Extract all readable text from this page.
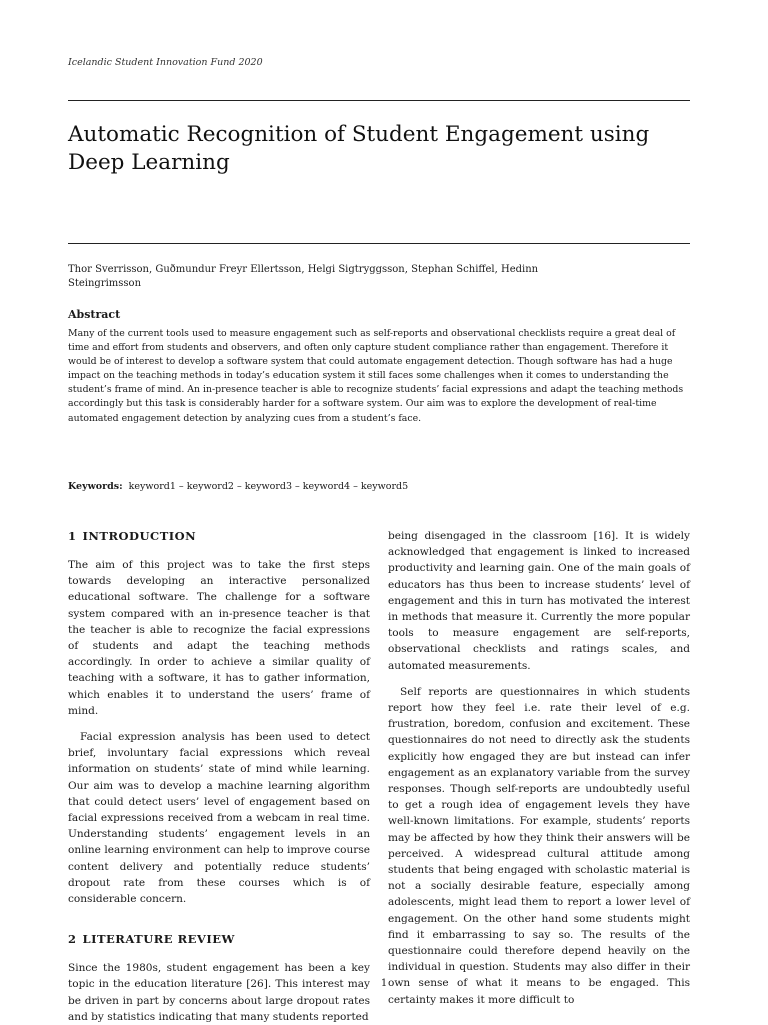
Icelandic Student Innovation Fund 2020
Automatic Recognition of Student Engagement using Deep Learning
Thor Sverrisson, Guðmundur Freyr Ellertsson, Helgi Sigtryggsson, Stephan Schiffel, Hedinn Steingrimsson
Abstract
Many of the current tools used to measure engagement such as self-reports and observational checklists require a great deal of time and effort from students and observers, and often only capture student compliance rather than engagement. Therefore it would be of interest to develop a software system that could automate engagement detection. Though software has had a huge impact on the teaching methods in today’s education system it still faces some challenges when it comes to understanding the student’s frame of mind. An in-presence teacher is able to recognize students’ facial expressions and adapt the teaching methods accordingly but this task is considerably harder for a software system. Our aim was to explore the development of real-time automated engagement detection by analyzing cues from a student’s face.
Keywords: keyword1 – keyword2 – keyword3 – keyword4 – keyword5
1 INTRODUCTION

The aim of this project was to take the first steps towards developing an interactive personalized educational software. The challenge for a software system compared with an in-presence teacher is that the teacher is able to recognize the facial expressions of students and adapt the teaching methods accordingly. In order to achieve a similar quality of teaching with a software, it has to gather information, which enables it to understand the users’ frame of mind.

Facial expression analysis has been used to detect brief, involuntary facial expressions which reveal information on students’ state of mind while learning. Our aim was to develop a machine learning algorithm that could detect users’ level of engagement based on facial expressions received from a webcam in real time. Understanding students’ engagement levels in an online learning environment can help to improve course content delivery and potentially reduce students’ dropout rate from these courses which is of considerable concern.

2 LITERATURE REVIEW

Since the 1980s, student engagement has been a key topic in the education literature [26]. This interest may be driven in part by concerns about large dropout rates and by statistics indicating that many students reported

being disengaged in the classroom [16]. It is widely acknowledged that engagement is linked to increased productivity and learning gain. One of the main goals of educators has thus been to increase students’ level of engagement and this in turn has motivated the interest in methods that measure it. Currently the more popular tools to measure engagement are self-reports, observational checklists and ratings scales, and automated measurements.

Self reports are questionnaires in which students report how they feel i.e. rate their level of e.g. frustration, boredom, confusion and excitement. These questionnaires do not need to directly ask the students explicitly how engaged they are but instead can infer engagement as an explanatory variable from the survey responses. Though self-reports are undoubtedly useful to get a rough idea of engagement levels they have well-known limitations. For example, students’ reports may be affected by how they think their answers will be perceived. A widespread cultural attitude among students that being engaged with scholastic material is not a socially desirable feature, especially among adolescents, might lead them to report a lower level of engagement. On the other hand some students might find it embarrassing to say so. The results of the questionnaire could therefore depend heavily on the individual in question. Students may also differ in their own sense of what it means to be engaged. This certainty makes it more difficult to

1
